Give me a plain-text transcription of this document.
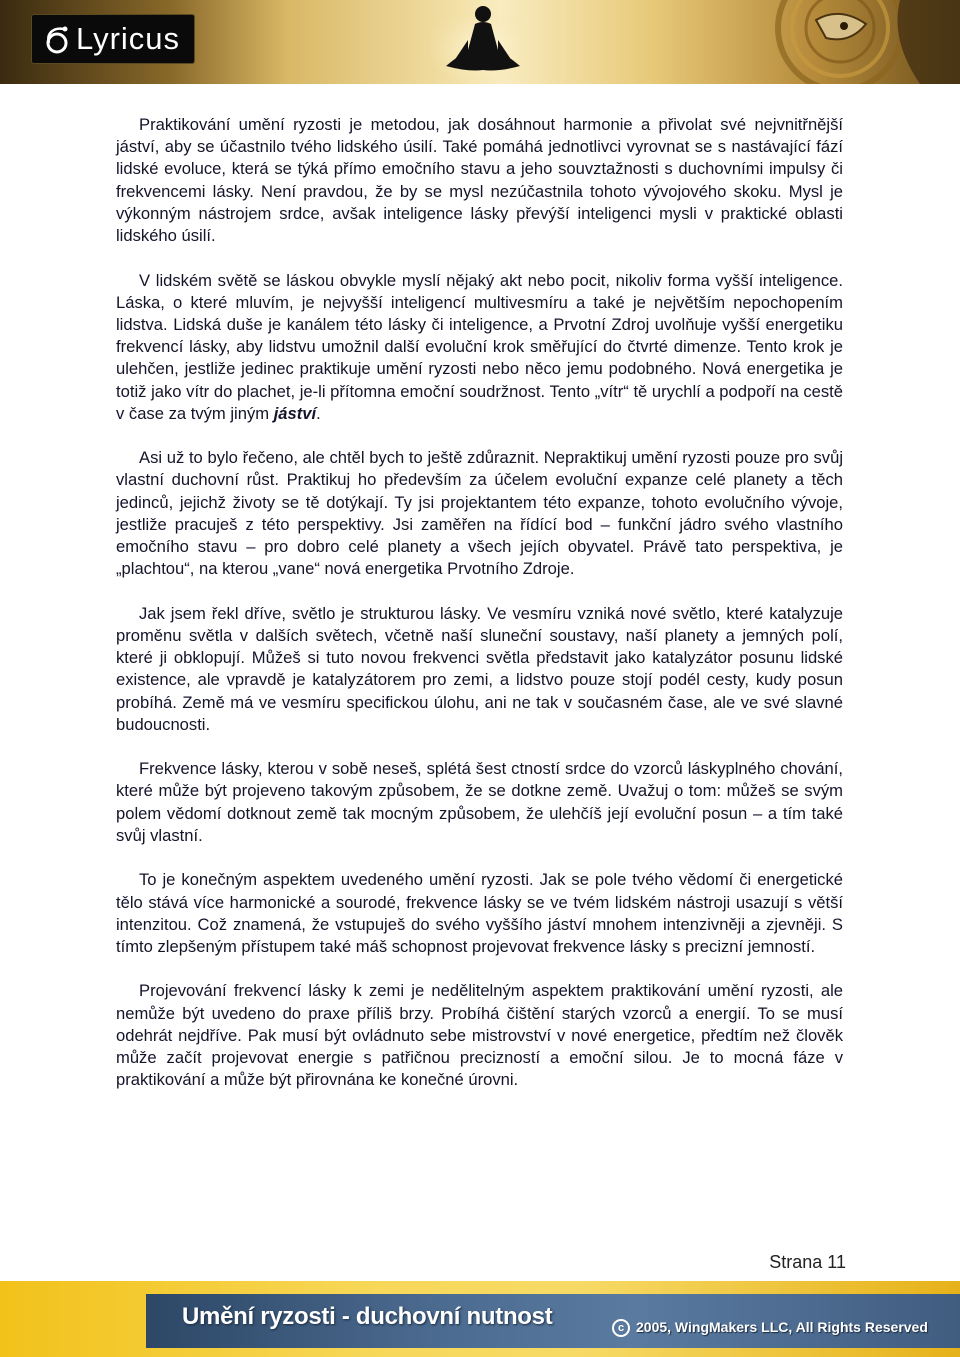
Lyricus

Praktikování umění ryzosti je metodou, jak dosáhnout harmonie a přivolat své nejvnitřnější jáství, aby se účastnilo tvého lidského úsilí. Také pomáhá jednotlivci vyrovnat se s nastávající fází lidské evoluce, která se týká přímo emočního stavu a jeho souvztažnosti s duchovními impulsy či frekvencemi lásky. Není pravdou, že by se mysl nezúčastnila tohoto vývojového skoku. Mysl je výkonným nástrojem srdce, avšak inteligence lásky převýší inteligenci mysli v praktické oblasti lidského úsilí.

V lidském světě se láskou obvykle myslí nějaký akt nebo pocit, nikoliv forma vyšší inteligence. Láska, o které mluvím, je nejvyšší inteligencí multivesmíru a také je největším nepochopením lidstva. Lidská duše je kanálem této lásky či inteligence, a Prvotní Zdroj uvolňuje vyšší energetiku frekvencí lásky, aby lidstvu umožnil další evoluční krok směřující do čtvrté dimenze. Tento krok je ulehčen, jestliže jedinec praktikuje umění ryzosti nebo něco jemu podobného. Nová energetika je totiž jako vítr do plachet, je-li přítomna emoční soudržnost. Tento „vítr“ tě urychlí a podpoří na cestě v čase za tvým jiným jáství.

Asi už to bylo řečeno, ale chtěl bych to ještě zdůraznit. Nepraktikuj umění ryzosti pouze pro svůj vlastní duchovní růst. Praktikuj ho především za účelem evoluční expanze celé planety a těch jedinců, jejichž životy se tě dotýkají. Ty jsi projektantem této expanze, tohoto evolučního vývoje, jestliže pracuješ z této perspektivy. Jsi zaměřen na řídící bod – funkční jádro svého vlastního emočního stavu – pro dobro celé planety a všech jejích obyvatel. Právě tato perspektiva, je „plachtou“, na kterou „vane“ nová energetika Prvotního Zdroje.

Jak jsem řekl dříve, světlo je strukturou lásky. Ve vesmíru vzniká nové světlo, které katalyzuje proměnu světla v dalších světech, včetně naší sluneční soustavy, naší planety a jemných polí, které ji obklopují. Můžeš si tuto novou frekvenci světla představit jako katalyzátor posunu lidské existence, ale vpravdě je katalyzátorem pro zemi, a lidstvo pouze stojí podél cesty, kudy posun probíhá. Země má ve vesmíru specifickou úlohu, ani ne tak v současném čase, ale ve své slavné budoucnosti.

Frekvence lásky, kterou v sobě neseš, splétá šest ctností srdce do vzorců láskyplného chování, které může být projeveno takovým způsobem, že se dotkne země. Uvažuj o tom: můžeš se svým polem vědomí dotknout země tak mocným způsobem, že ulehčíš její evoluční posun – a tím také svůj vlastní.

To je konečným aspektem uvedeného umění ryzosti. Jak se pole tvého vědomí či energetické tělo stává více harmonické a sourodé, frekvence lásky se ve tvém lidském nástroji usazují s větší intenzitou. Což znamená, že vstupuješ do svého vyššího jáství mnohem intenzivněji a zjevněji. S tímto zlepšeným přístupem také máš schopnost projevovat frekvence lásky s precizní jemností.

Projevování frekvencí lásky k zemi je nedělitelným aspektem praktikování umění ryzosti, ale nemůže být uvedeno do praxe příliš brzy. Probíhá čištění starých vzorců a energií. To se musí odehrát nejdříve. Pak musí být ovládnuto sebe mistrovství v nové energetice, předtím než člověk může začít projevovat energie s patřičnou precizností a emoční silou. Je to mocná fáze v praktikování a může být přirovnána ke konečné úrovni.

Strana 11
Umění ryzosti - duchovní nutnost	c 2005, WingMakers LLC, All Rights Reserved
